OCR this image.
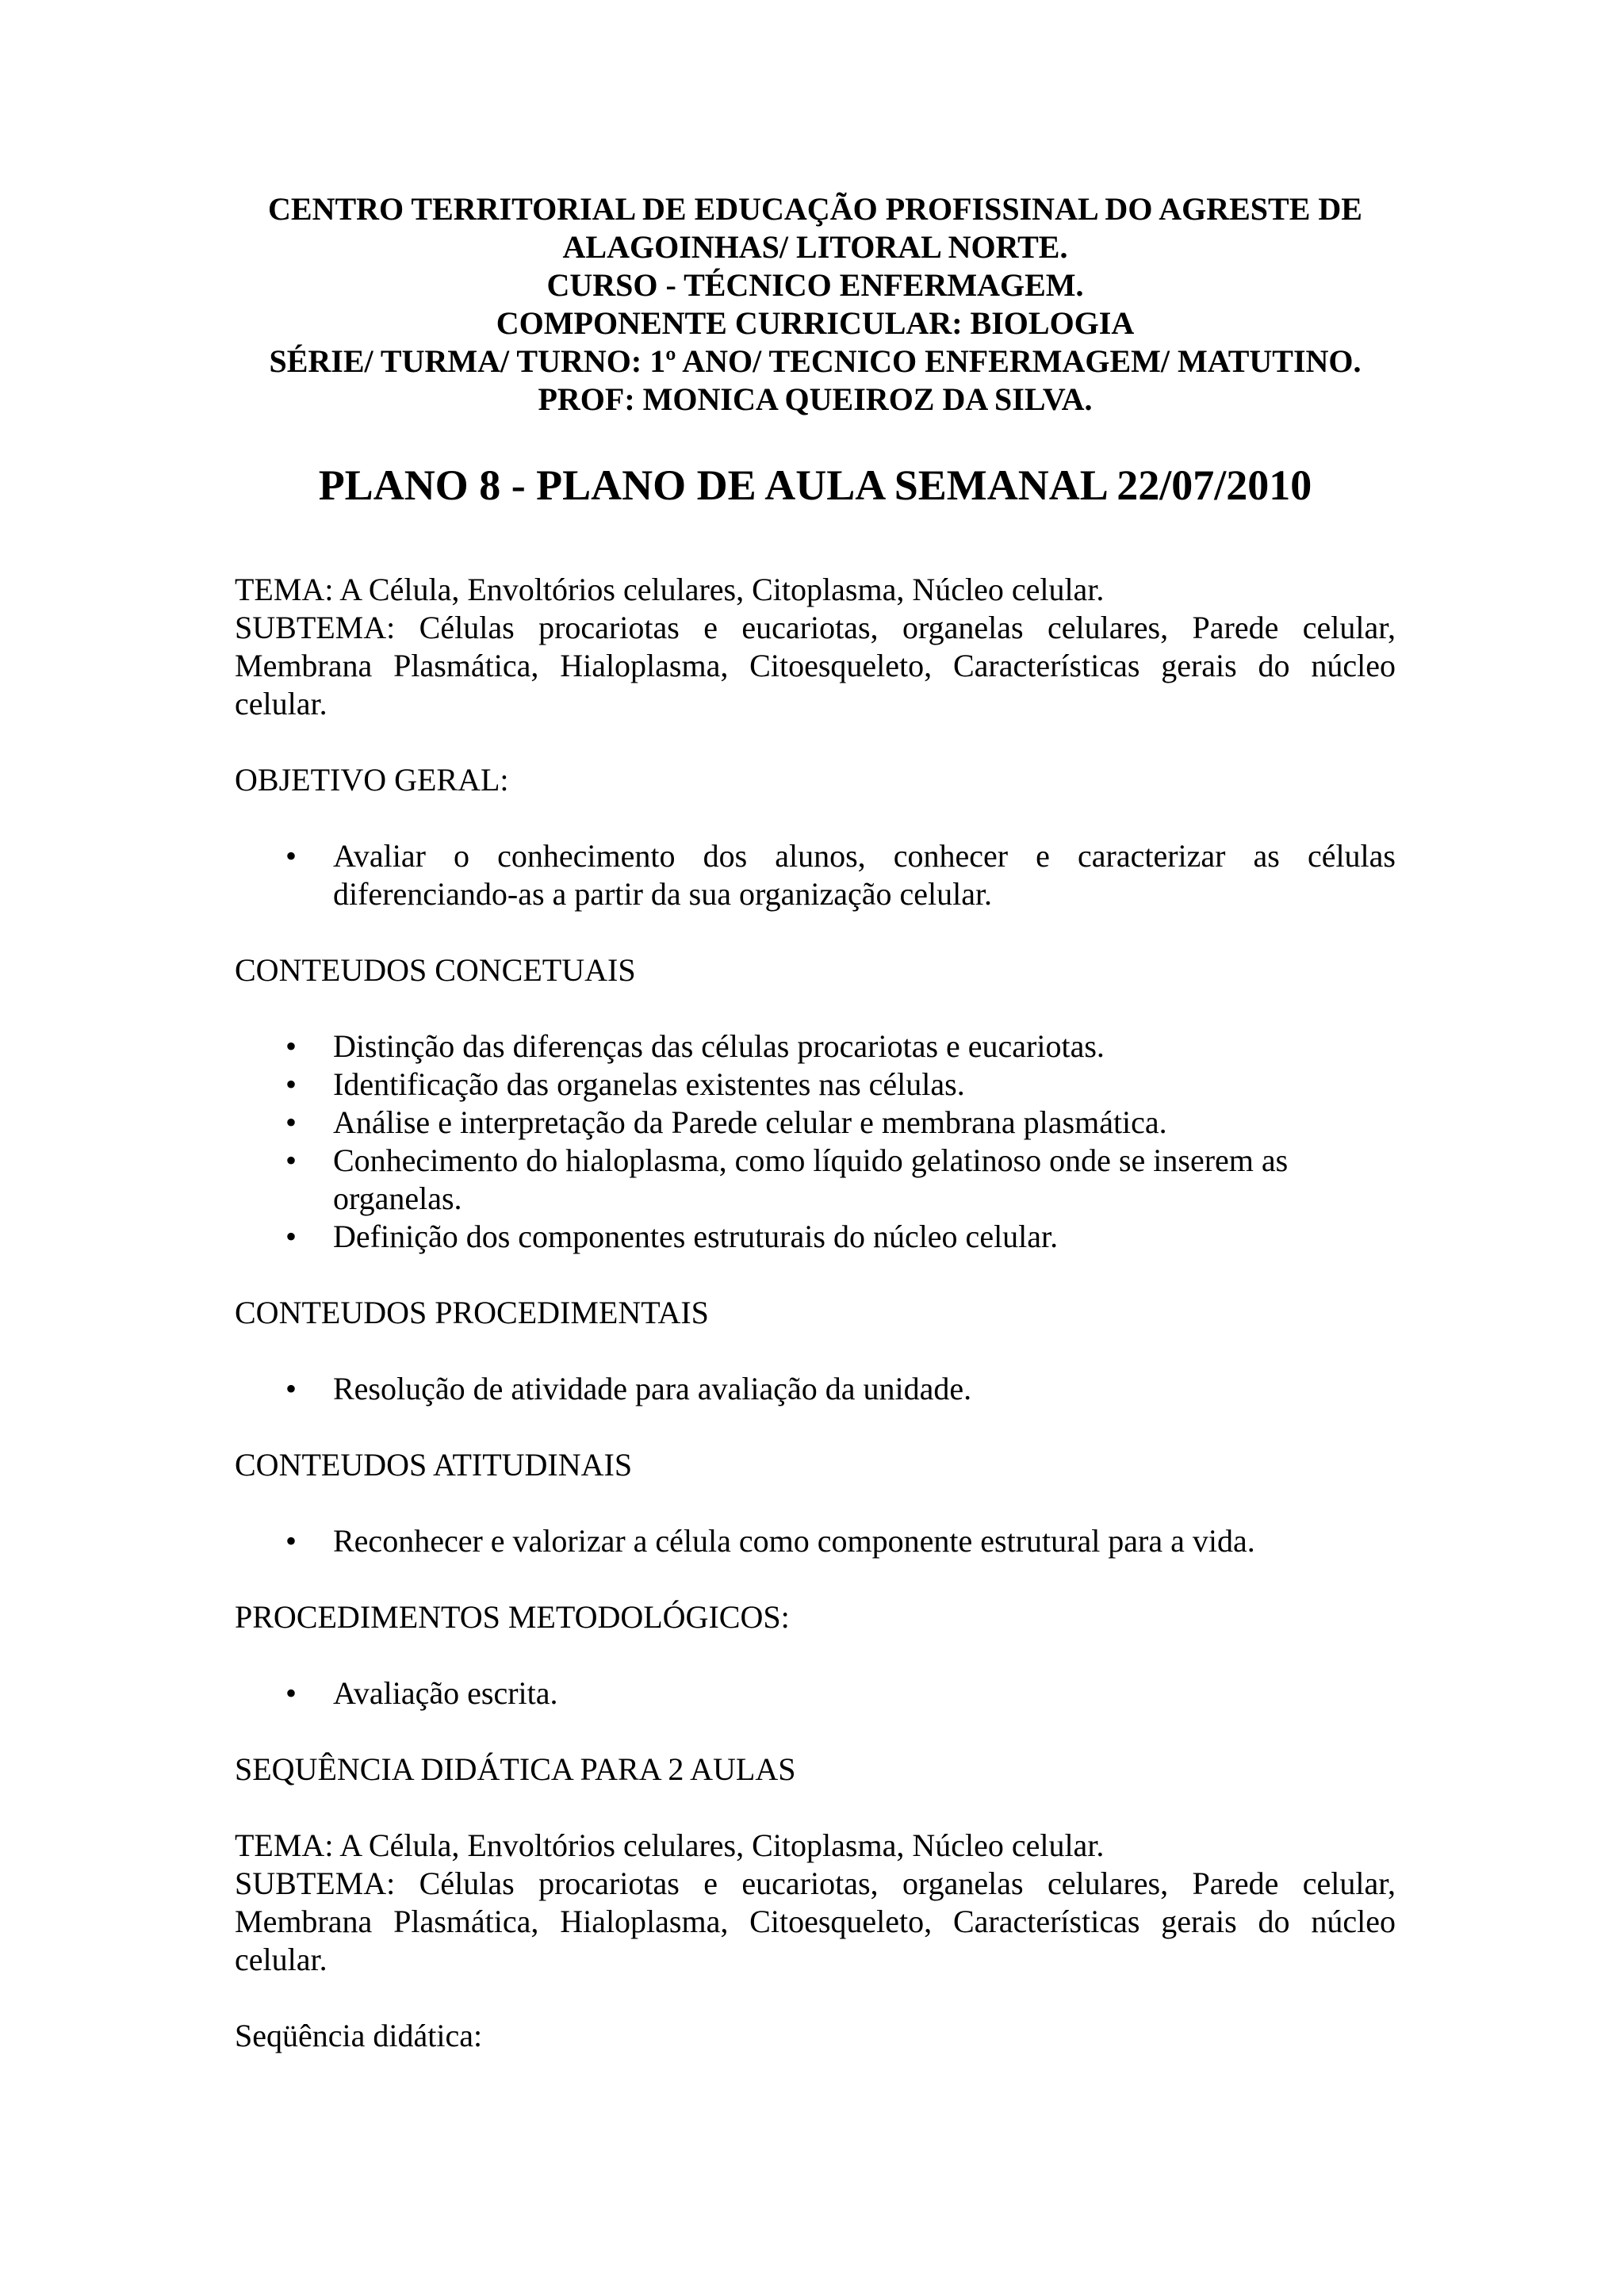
CENTRO TERRITORIAL DE EDUCAÇÃO PROFISSINAL DO AGRESTE DE
ALAGOINHAS/ LITORAL NORTE.
CURSO - TÉCNICO ENFERMAGEM.
COMPONENTE CURRICULAR: BIOLOGIA
SÉRIE/ TURMA/ TURNO: 1º ANO/ TECNICO ENFERMAGEM/ MATUTINO.
PROF: MONICA QUEIROZ DA SILVA.
PLANO 8 - PLANO DE AULA SEMANAL 22/07/2010

TEMA: A Célula, Envoltórios celulares, Citoplasma, Núcleo celular.

SUBTEMA: Células procariotas e eucariotas, organelas celulares, Parede celular, Membrana Plasmática, Hialoplasma, Citoesqueleto, Características gerais do núcleo celular.

OBJETIVO GERAL:

• Avaliar o conhecimento dos alunos, conhecer e caracterizar as células diferenciando-as a partir da sua organização celular.

CONTEUDOS CONCETUAIS

• Distinção das diferenças das células procariotas e eucariotas.
• Identificação das organelas existentes nas células.
• Análise e interpretação da Parede celular e membrana plasmática.
• Conhecimento do hialoplasma, como líquido gelatinoso onde se inserem as organelas.
• Definição dos componentes estruturais do núcleo celular.

CONTEUDOS PROCEDIMENTAIS

• Resolução de atividade para avaliação da unidade.

CONTEUDOS ATITUDINAIS

• Reconhecer e valorizar a célula como componente estrutural para a vida.

PROCEDIMENTOS METODOLÓGICOS:

• Avaliação escrita.

SEQUÊNCIA DIDÁTICA PARA 2 AULAS

TEMA: A Célula, Envoltórios celulares, Citoplasma, Núcleo celular.

SUBTEMA: Células procariotas e eucariotas, organelas celulares, Parede celular, Membrana Plasmática, Hialoplasma, Citoesqueleto, Características gerais do núcleo celular.

Seqüência didática:
